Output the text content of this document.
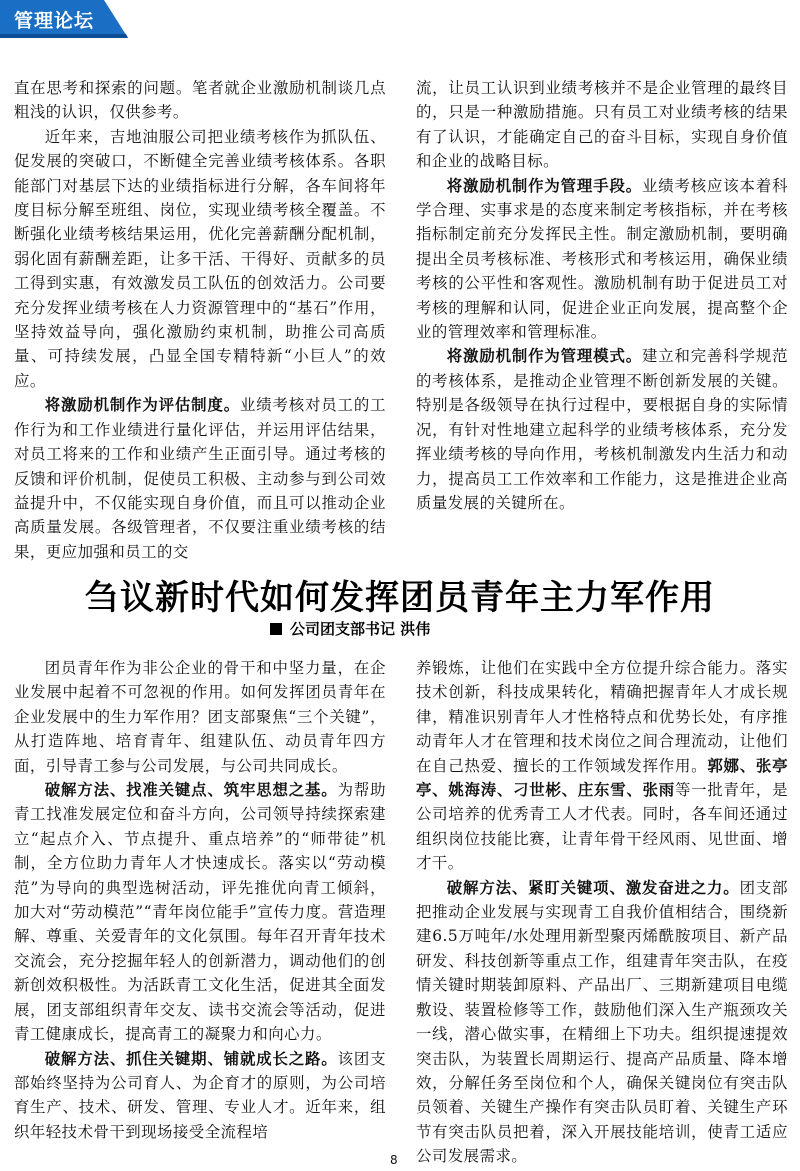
管理论坛

直在思考和探索的问题。笔者就企业激励机制谈几点粗浅的认识，仅供参考。

近年来，吉地油服公司把业绩考核作为抓队伍、促发展的突破口，不断健全完善业绩考核体系。各职能部门对基层下达的业绩指标进行分解，各车间将年度目标分解至班组、岗位，实现业绩考核全覆盖。不断强化业绩考核结果运用，优化完善薪酬分配机制，弱化固有薪酬差距，让多干活、干得好、贡献多的员工得到实惠，有效激发员工队伍的创效活力。公司要充分发挥业绩考核在人力资源管理中的“基石”作用，坚持效益导向，强化激励约束机制，助推公司高质量、可持续发展，凸显全国专精特新“小巨人”的效应。

将激励机制作为评估制度。业绩考核对员工的工作行为和工作业绩进行量化评估，并运用评估结果，对员工将来的工作和业绩产生正面引导。通过考核的反馈和评价机制，促使员工积极、主动参与到公司效益提升中，不仅能实现自身价值，而且可以推动企业高质量发展。各级管理者，不仅要注重业绩考核的结果，更应加强和员工的交

流，让员工认识到业绩考核并不是企业管理的最终目的，只是一种激励措施。只有员工对业绩考核的结果有了认识，才能确定自己的奋斗目标，实现自身价值和企业的战略目标。

将激励机制作为管理手段。业绩考核应该本着科学合理、实事求是的态度来制定考核指标，并在考核指标制定前充分发挥民主性。制定激励机制，要明确提出全员考核标准、考核形式和考核运用，确保业绩考核的公平性和客观性。激励机制有助于促进员工对考核的理解和认同，促进企业正向发展，提高整个企业的管理效率和管理标准。

将激励机制作为管理模式。建立和完善科学规范的考核体系，是推动企业管理不断创新发展的关键。特别是各级领导在执行过程中，要根据自身的实际情况，有针对性地建立起科学的业绩考核体系，充分发挥业绩考核的导向作用，考核机制激发内生活力和动力，提高员工工作效率和工作能力，这是推进企业高质量发展的关键所在。

刍议新时代如何发挥团员青年主力军作用
公司团支部书记 洪伟

团员青年作为非公企业的骨干和中坚力量，在企业发展中起着不可忽视的作用。如何发挥团员青年在企业发展中的生力军作用？团支部聚焦“三个关键”，从打造阵地、培育青年、组建队伍、动员青年四方面，引导青工参与公司发展，与公司共同成长。

破解方法、找准关键点、筑牢思想之基。为帮助青工找准发展定位和奋斗方向，公司领导持续探索建立“起点介入、节点提升、重点培养”的“师带徒”机制，全方位助力青年人才快速成长。落实以“劳动模范”为导向的典型选树活动，评先推优向青工倾斜，加大对“劳动模范”“青年岗位能手”宣传力度。营造理解、尊重、关爱青年的文化氛围。每年召开青年技术交流会，充分挖掘年轻人的创新潜力，调动他们的创新创效积极性。为活跃青工文化生活，促进其全面发展，团支部组织青年交友、读书交流会等活动，促进青工健康成长，提高青工的凝聚力和向心力。

破解方法、抓住关键期、铺就成长之路。该团支部始终坚持为公司育人、为企育才的原则，为公司培育生产、技术、研发、管理、专业人才。近年来，组织年轻技术骨干到现场接受全流程培

养锻炼，让他们在实践中全方位提升综合能力。落实技术创新，科技成果转化，精确把握青年人才成长规律，精准识别青年人才性格特点和优势长处，有序推动青年人才在管理和技术岗位之间合理流动，让他们在自己热爱、擅长的工作领域发挥作用。郭娜、张亭亭、姚海涛、刁世彬、庄东雪、张雨等一批青年，是公司培养的优秀青工人才代表。同时，各车间还通过组织岗位技能比赛，让青年骨干经风雨、见世面、增才干。

破解方法、紧盯关键项、激发奋进之力。团支部把推动企业发展与实现青工自我价值相结合，围绕新建6.5万吨年/水处理用新型聚丙烯酰胺项目、新产品研发、科技创新等重点工作，组建青年突击队，在疫情关键时期装卸原料、产品出厂、三期新建项目电缆敷设、装置检修等工作，鼓励他们深入生产瓶颈攻关一线，潜心做实事，在精细上下功夫。组织提速提效突击队，为装置长周期运行、提高产品质量、降本增效，分解任务至岗位和个人，确保关键岗位有突击队员领着、关键生产操作有突击队员盯着、关键生产环节有突击队员把着，深入开展技能培训，使青工适应公司发展需求。

8
